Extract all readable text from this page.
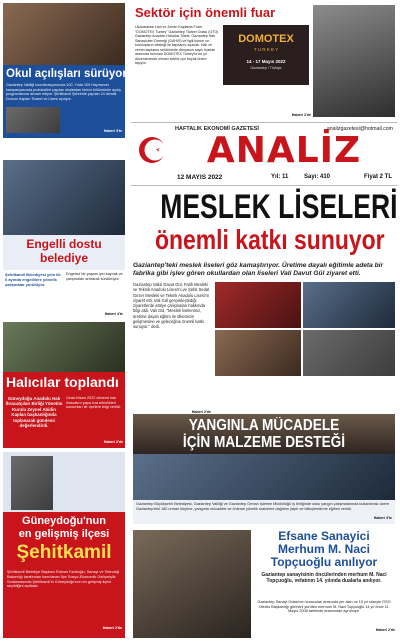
Okul açılışları sürüyor
Gaziantep Valiliği koordinasyonunda 100. Yılda 100 Hayırsever kampanyasında protokolleri yapılan okulardan birinci bölümünün açılış programlarına devam ediyor. Şehitkamil Şehrinde yapılan 24 derslik Dursun Kaplan Ticaret ve Lisesi açılıyor.
Haberi 3'te
Engelli dostu
belediye
Şehitkamil Belediyesi yılın ilk 6 ayında engellilere yönelik çalışmalar yürütüyor.
Engelsiz bir yaşam için kaynak ve çalışmaları artırarak sürdürüyor.
Haberi 4'te
Halıcılar toplandı
Güneydoğu Anadolu Halı İhracatçıları Birliği Yönetim Kurulu Zeynel Abidin Kaplan başkanlığında toplanarak gündemi değerlendirdi.
Ocak-Nisan 2022 dönemi halı ihracatını yapa icra etkinlikleri sunumları ile üyelere bilgi verildi.
Haberi 2'de
Güneydoğu'nun
en gelişmiş ilçesi
Şehitkamil
Şehitkamil Belediye Başkanı Rıdvan Fadıloğlu, Sanayi ve Teknoloji Bakanlığı tarafından hazırlanan İlçe Sosyo-Ekonomik Gelişmişlik Sıralamasında Şehitkamil'in Güneydoğu'nun en gelişmiş ilçesi seçildiğini açıkladı.
Haberi 2'de
Sektör için önemli fuar
Uluslararası Halı ve Zemin Kaplama Fuarı "DOMOTEX Turkey" Gaziantep Ticaret Odası (GTO) Gaziantep Anadolu Halıcılar Sitesi, Gaziantep Halı Sanayicileri Derneği (GAHIS) ve ilgili kurum ve kuruluşların desteği ile kapılarını açacak. Halı ve zemin kaplama sektöründe dünyanın sayılı fuarları arasında bulunan DOMOTEX Turkey'in bu yıl düzenlenecek olması sektör için büyük önem taşıyor.
DOMOTEX
T U R K E Y
14 - 17 Mayıs 2022
Gaziantep / Türkiye
Haberi 2'de
HAFTALIK EKONOMİ GAZETESİ	analizgazetesi@hotmail.com
ANALİZ
12 MAYIS 2022	Yıl: 11	Sayı: 410	Fiyat 2 TL
MESLEK LİSELERİ
önemli katkı sunuyor
Gaziantep'teki meslek liseleri göz kamaştırıyor. Üretime dayalı eğitimle adeta bir fabrika gibi işlev gören okullardan olan liseleri Vali Davut Gül ziyaret etti.
Gaziantep Valisi Davut Gül, Fatih Mesleki ve Teknik Anadolu Lisesi'ni ve Şehit Sedat Gezer Mesleki ve Teknik Anadolu Lisesi'ni ziyaret etti. Vali Gül gerçekleştirdiği ziyaretlerde atölye çalışmaları hakkında bilgi aldı. Vali Gül, "Meslek liselerimiz, üretime dayalı eğitim ile ülkemizin gelişmesine ve geleceğine önemli katkı sunuyor." dedi.
Haberi 2'de
YANGINLA MÜCADELE
İÇİN MALZEME DESTEĞİ
Gaziantep Büyükşehir Belediyesi, Gaziantep Valiliği ve Gaziantep Orman İşletme Müdürlüğü iş birliğinde olası yangın çalışmalarında kullanılmak üzere Gaziantep'teki 180 orman köyüne, yangınla mücadele ve önleme yönelik malzeme dağıtımı yaptı ve bilinçlendirme eğitimi verildi.
Haberi 3'te
Efsane Sanayici
Merhum M. Naci
Topçuoğlu anılıyor
Gaziantep sanayisinin öncülerinden merhum M. Naci Topçuoğlu, vefatının 14. yılında dualarla anılıyor.
Gaziantep Sanayi Odası'nın kurucuları arasında yer alan ve 10 yıl süreyle GSO Meclis Başkanlığı görevini yürüten merhum M. Naci Topçuoğlu 14 yıl önce 11 Mayıs 2008 tarihinde aramızdan ayrılmıştı.
Haberi 2'de
